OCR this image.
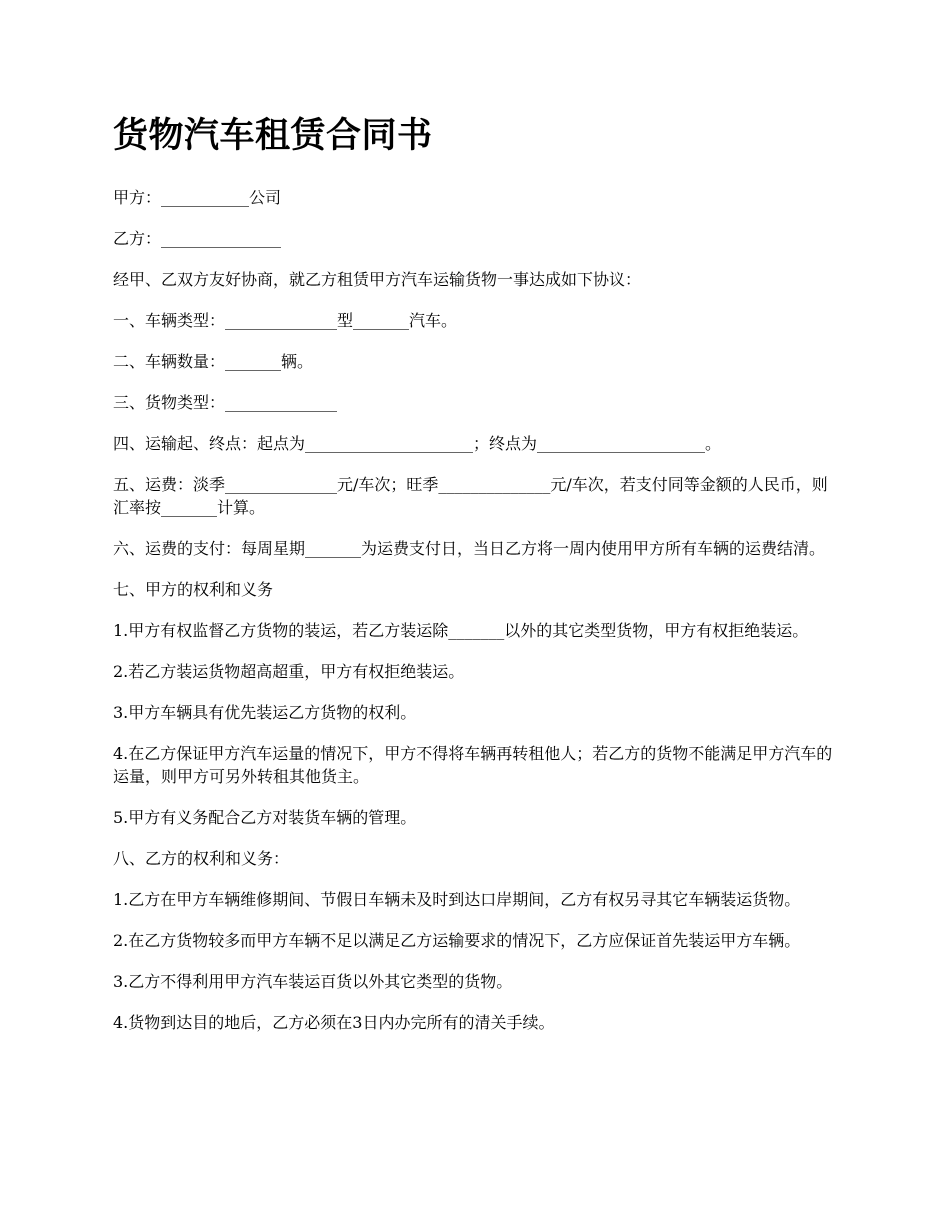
货物汽车租赁合同书

甲方：___________公司

乙方：_______________

经甲、乙双方友好协商，就乙方租赁甲方汽车运输货物一事达成如下协议：

一、车辆类型：______________型_______汽车。

二、车辆数量：_______辆。

三、货物类型：______________

四、运输起、终点：起点为_____________________；终点为_____________________。

五、运费：淡季______________元/车次；旺季______________元/车次，若支付同等金额的人民币，则汇率按_______计算。

六、运费的支付：每周星期_______为运费支付日，当日乙方将一周内使用甲方所有车辆的运费结清。

七、甲方的权利和义务

1.甲方有权监督乙方货物的装运，若乙方装运除_______以外的其它类型货物，甲方有权拒绝装运。

2.若乙方装运货物超高超重，甲方有权拒绝装运。

3.甲方车辆具有优先装运乙方货物的权利。

4.在乙方保证甲方汽车运量的情况下，甲方不得将车辆再转租他人；若乙方的货物不能满足甲方汽车的运量，则甲方可另外转租其他货主。

5.甲方有义务配合乙方对装货车辆的管理。

八、乙方的权利和义务：

1.乙方在甲方车辆维修期间、节假日车辆未及时到达口岸期间，乙方有权另寻其它车辆装运货物。

2.在乙方货物较多而甲方车辆不足以满足乙方运输要求的情况下，乙方应保证首先装运甲方车辆。

3.乙方不得利用甲方汽车装运百货以外其它类型的货物。

4.货物到达目的地后，乙方必须在3日内办完所有的清关手续。
